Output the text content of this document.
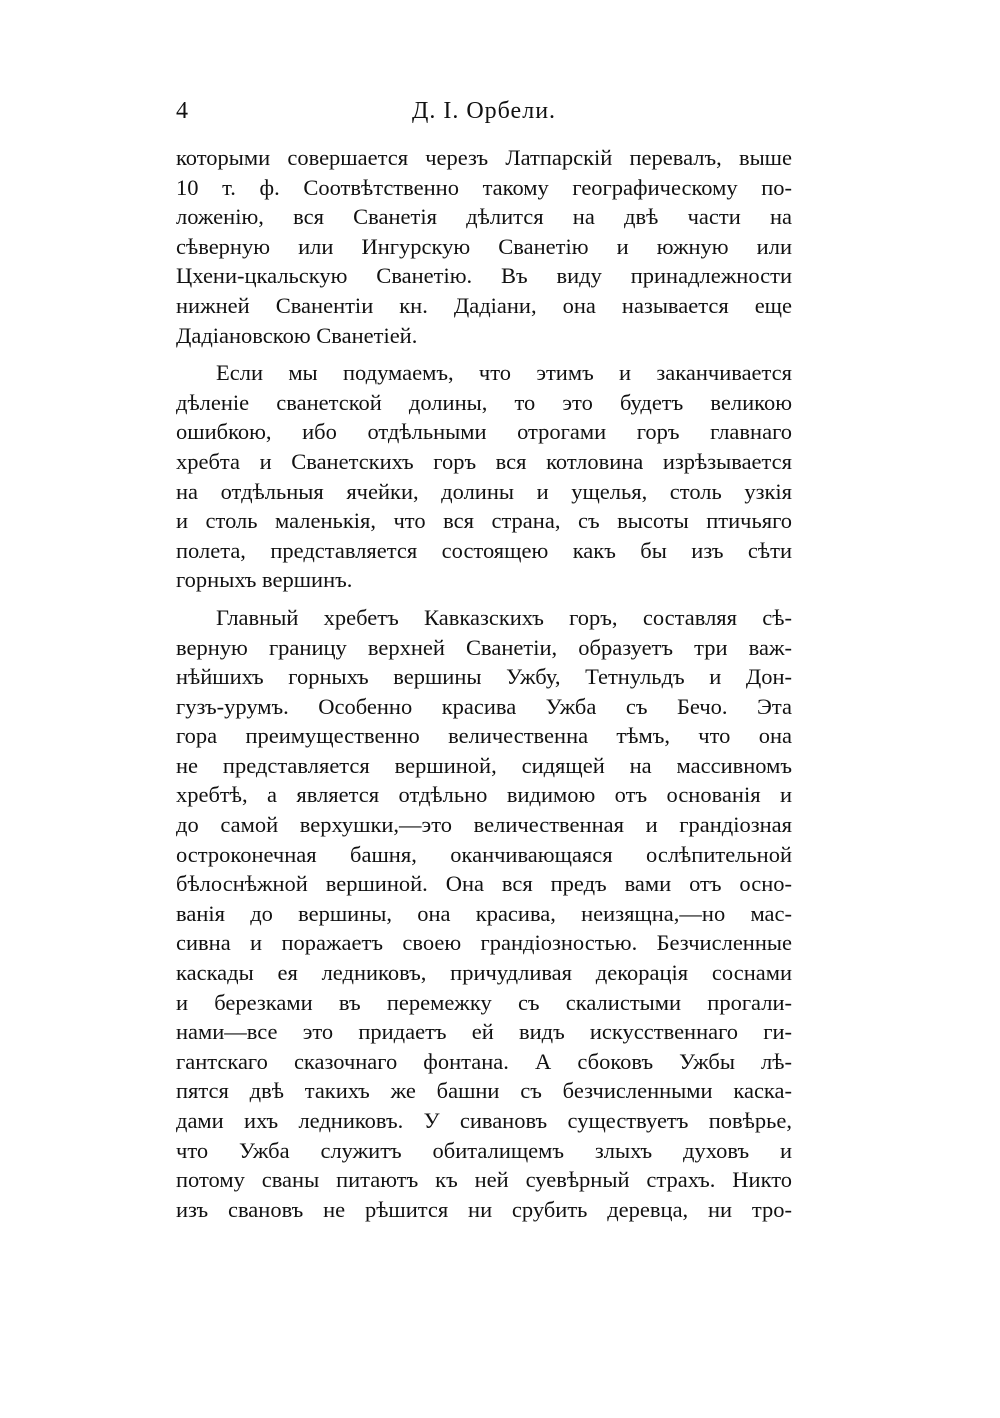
4	Д. I. Орбели.
которыми совершается черезъ Латпарскій перевалъ, выше
10 т. ф. Соотвѣтственно такому географическому по-
ложенію, вся Сванетія дѣлится на двѣ части на
сѣверную или Ингурскую Сванетію и южную или
Цхени-цкальскую Сванетію. Въ виду принадлежности
нижней Сванентіи кн. Дадіани, она называется еще
Дадіановскою Сванетіей.
Если мы подумаемъ, что этимъ и заканчивается
дѣленіе сванетской долины, то это будетъ великою
ошибкою, ибо отдѣльными отрогами горъ главнаго
хребта и Сванетскихъ горъ вся котловина изрѣзывается
на отдѣльныя ячейки, долины и ущелья, столь узкія
и столь маленькія, что вся страна, съ высоты птичьяго
полета, представляется состоящею какъ бы изъ сѣти
горныхъ вершинъ.
Главный хребетъ Кавказскихъ горъ, составляя сѣ-
верную границу верхней Сванетіи, образуетъ три важ-
нѣйшихъ горныхъ вершины Ужбу, Тетнульдъ и Дон-
гузъ-урумъ. Особенно красива Ужба съ Бечо. Эта
гора преимущественно величественна тѣмъ, что она
не представляется вершиной, сидящей на массивномъ
хребтѣ, а является отдѣльно видимою отъ основанія и
до самой верхушки,—это величественная и грандіозная
остроконечная башня, оканчивающаяся ослѣпительной
бѣлоснѣжной вершиной. Она вся предъ вами отъ осно-
ванія до вершины, она красива, неизящна,—но мас-
сивна и поражаетъ своею грандіозностью. Безчисленные
каскады ея ледниковъ, причудливая декорація соснами
и березками въ перемежку съ скалистыми прогали-
нами—все это придаетъ ей видъ искусственнаго ги-
гантскаго сказочнаго фонтана. А сбоковъ Ужбы лѣ-
пятся двѣ такихъ же башни съ безчисленными каска-
дами ихъ ледниковъ. У сивановъ существуетъ повѣрье,
что Ужба служитъ обиталищемъ злыхъ духовъ и
потому сваны питаютъ къ ней суевѣрный страхъ. Никто
изъ свановъ не рѣшится ни срубить деревца, ни тро-
